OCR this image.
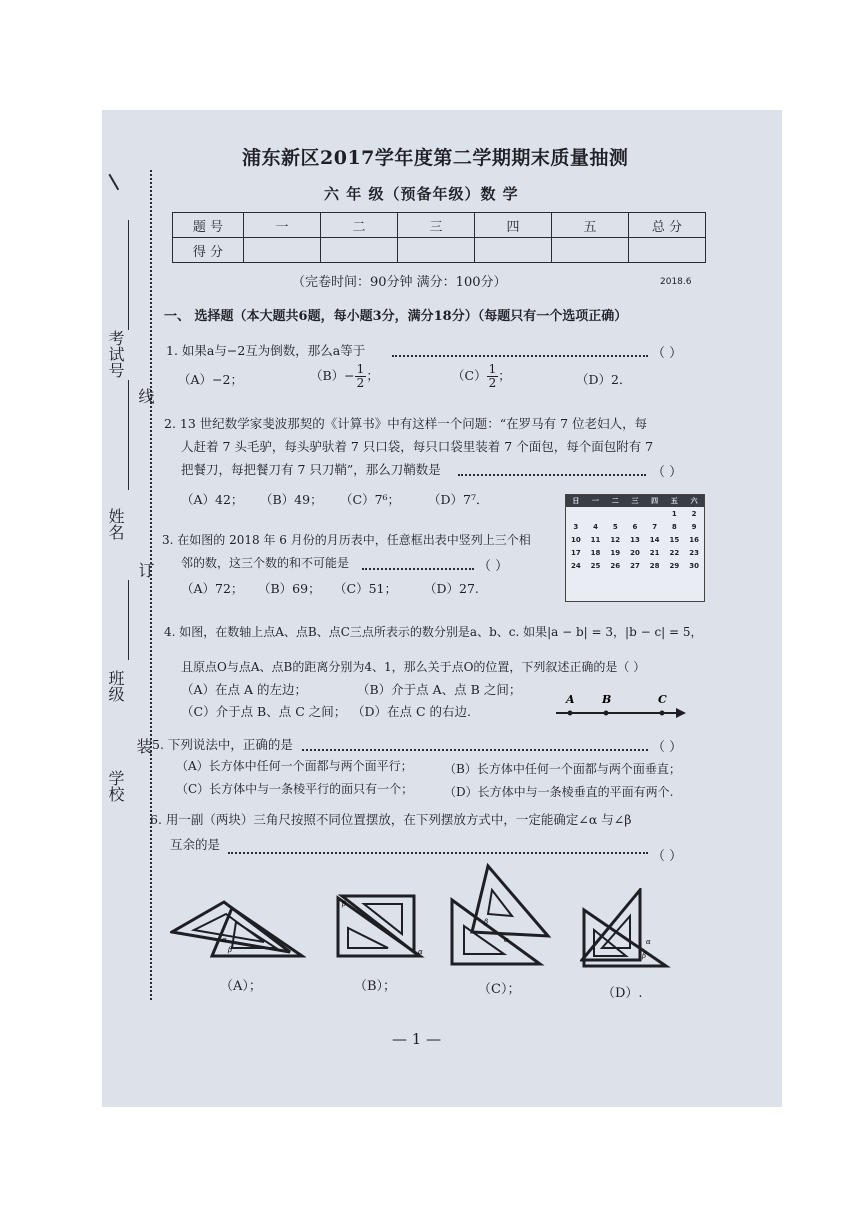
考试号
线
姓名
订
班级
装
学校
浦东新区2017学年度第二学期期末质量抽测
六 年 级（预备年级）数 学
题 号	一	二	三	四	五	总 分
得 分						
（完卷时间：90分钟 满分：100分）	2018.6
一、 选择题（本大题共6题，每小题3分，满分18分）（每题只有一个选项正确）
1. 如果a与−2互为倒数，那么a等于	（ ）
（A）−2；	$(B)- \frac{1}{2}$ ；	$(C) \frac{1}{2}$ ；	（D）2．
2. 13 世纪数学家斐波那契的《计算书》中有这样一个问题：“在罗马有 7 位老妇人，每
人赶着 7 头毛驴，每头驴驮着 7 只口袋，每只口袋里装着 7 个面包，每个面包附有 7
把餐刀，每把餐刀有 7 只刀鞘”，那么刀鞘数是	（ ）
（A）42； （B）49； （C）7⁶； （D）7⁷．	日	一	二	三	四	五	六
					1	2
3	4	5	6	7	8	9
10	11	12	13	14	15	16
17	18	19	20	21	22	23
24	25	26	27	28	29	30
3. 在如图的 2018 年 6 月份的月历表中，任意框出表中竖列上三个相
邻的数，这三个数的和不可能是	（ ）
（A）72； （B）69； （C）51； （D）27.
4. 如图，在数轴上点A、点B、点C三点所表示的数分别是a、b、c. 如果|a − b| = 3，|b − c| = 5，
且原点O与点A、点B的距离分别为4、1，那么关于点O的位置，下列叙述正确的是（ ）
（A）在点 A 的左边；	（B）介于点 A、点 B 之间；
（C）介于点 B、点 C 之间； （D）在点 C 的右边.
A B	C
5. 下列说法中，正确的是	（ ）
（A）长方体中任何一个面都与两个面平行；	（B）长方体中任何一个面都与两个面垂直；
（C）长方体中与一条棱平行的面只有一个；	（D）长方体中与一条棱垂直的平面有两个.
6. 用一副（两块）三角尺按照不同位置摆放，在下列摆放方式中，一定能确定∠α 与∠β
互余的是
（ ）
α
β
（A）；
β
α
（B）；
β
α
（C）；
α
β
（D）.
— 1 —
